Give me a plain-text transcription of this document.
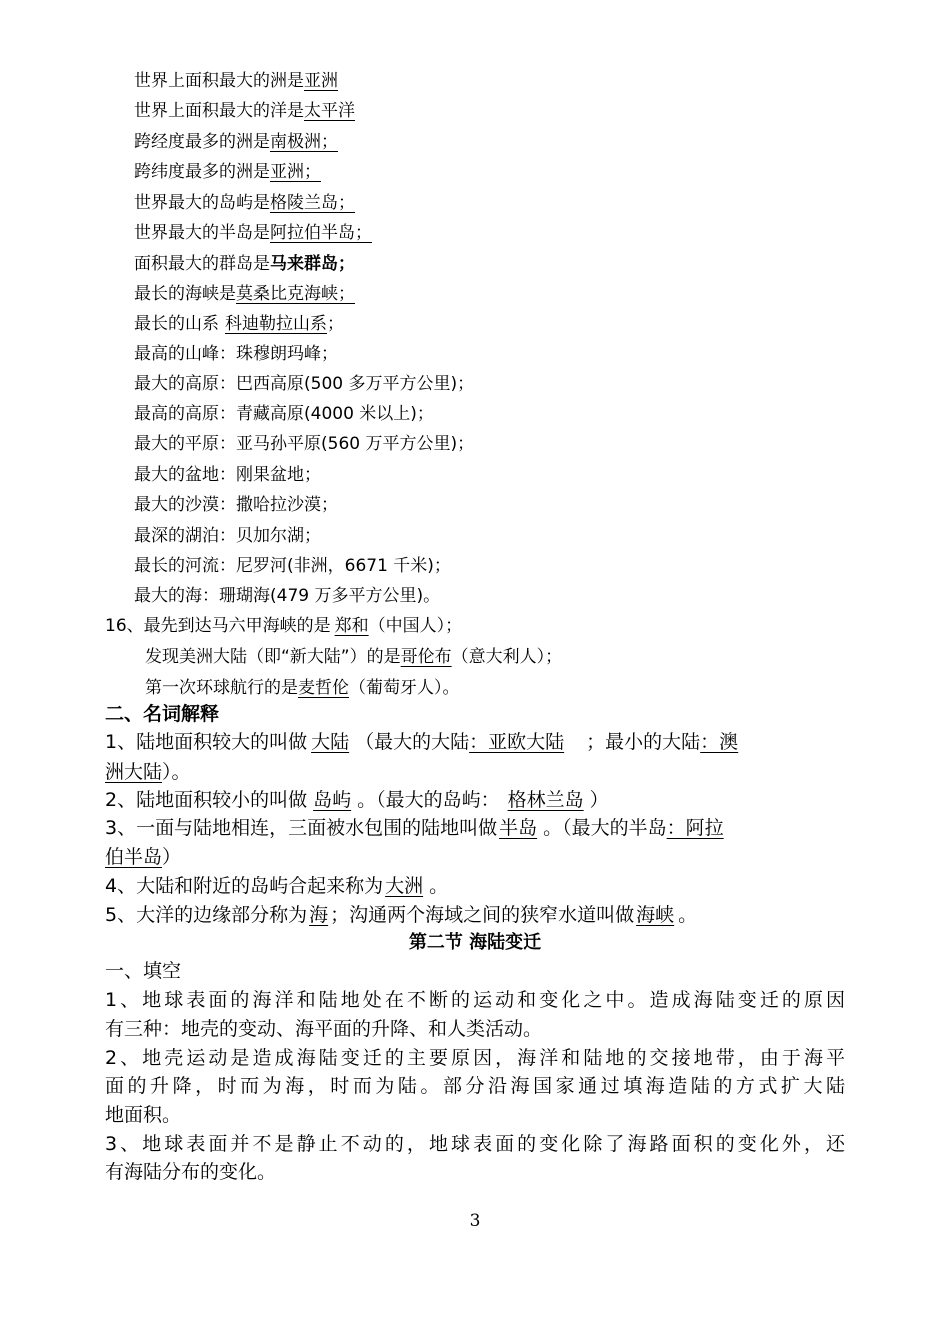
世界上面积最大的洲是亚洲
世界上面积最大的洋是太平洋
跨经度最多的洲是南极洲；
跨纬度最多的洲是亚洲；
世界最大的岛屿是格陵兰岛；
世界最大的半岛是阿拉伯半岛；
面积最大的群岛是马来群岛；
最长的海峡是莫桑比克海峡；
最长的山系 科迪勒拉山系；
最高的山峰：珠穆朗玛峰；
最大的高原：巴西高原(500 多万平方公里)；
最高的高原：青藏高原(4000 米以上)；
最大的平原：亚马孙平原(560 万平方公里)；
最大的盆地：刚果盆地；
最大的沙漠：撒哈拉沙漠；
最深的湖泊：贝加尔湖；
最长的河流：尼罗河(非洲，6671 千米)；
最大的海：珊瑚海(479 万多平方公里)。
16、最先到达马六甲海峡的是 郑和（中国人）；
发现美洲大陆（即“新大陆”）的是哥伦布（意大利人）；
第一次环球航行的是麦哲伦（葡萄牙人）。
二、名词解释
1、陆地面积较大的叫做 大陆 （最大的大陆：亚欧大陆 ；最小的大陆：澳
洲大陆）。
2、陆地面积较小的叫做 岛屿 。（最大的岛屿： 格林兰岛 ）
3、一面与陆地相连，三面被水包围的陆地叫做 半岛 。（最大的半岛：阿拉
伯半岛）
4、大陆和附近的岛屿合起来称为 大洲 。
5、大洋的边缘部分称为 海 ；沟通两个海域之间的狭窄水道叫做 海峡 。
第二节 海陆变迁
一、填空
1、地球表面的海洋和陆地处在不断的运动和变化之中。造成海陆变迁的原因
有三种：地壳的变动、海平面的升降、和人类活动。
2、地壳运动是造成海陆变迁的主要原因，海洋和陆地的交接地带，由于海平
面的升降，时而为海，时而为陆。部分沿海国家通过填海造陆的方式扩大陆
地面积。
3、地球表面并不是静止不动的，地球表面的变化除了海路面积的变化外，还
有海陆分布的变化。
3
